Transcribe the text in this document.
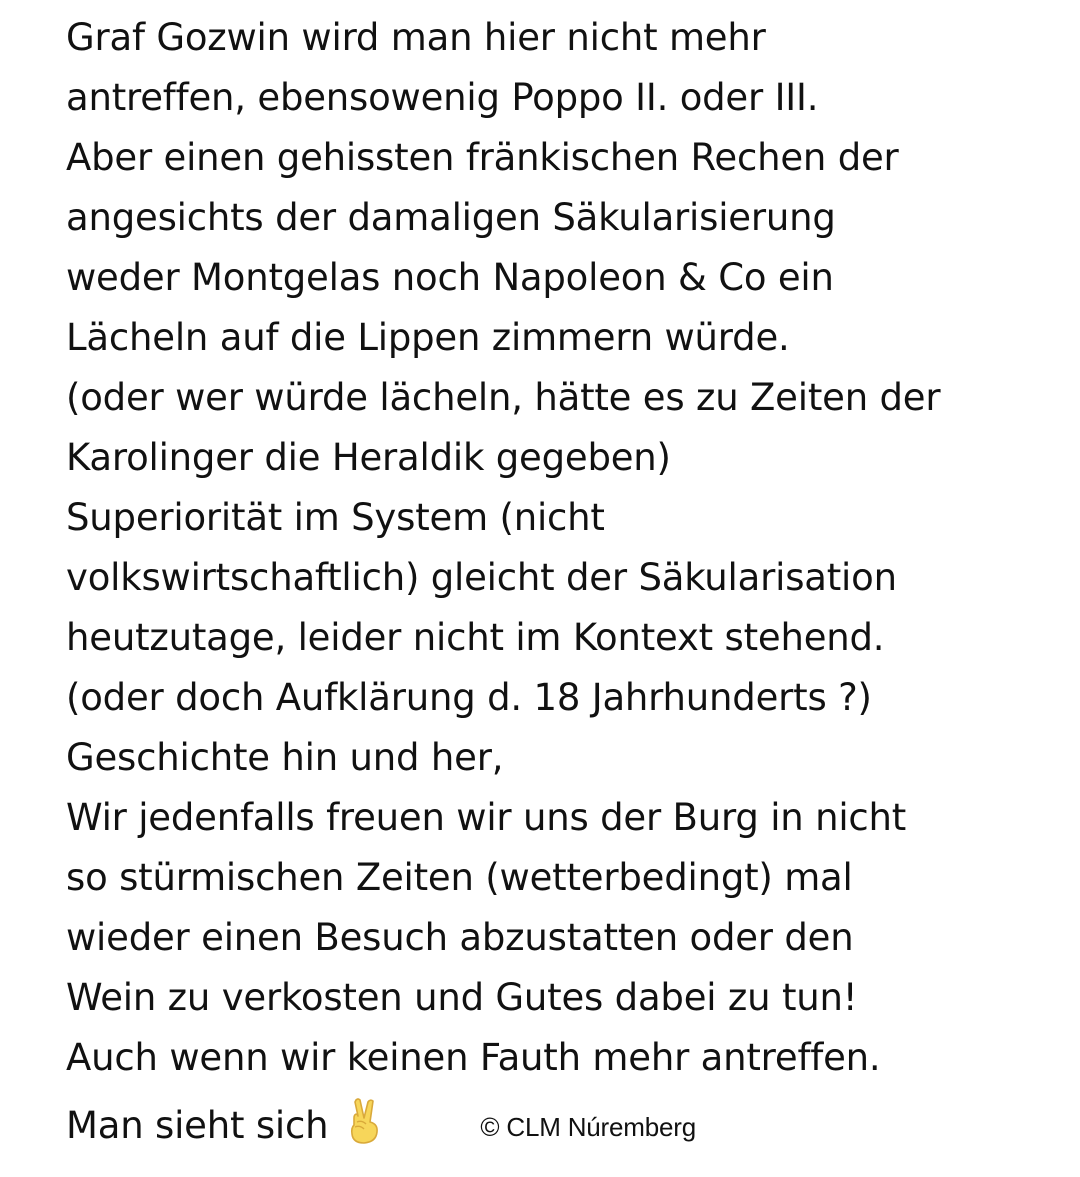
Graf Gozwin wird man hier nicht mehr
antreffen, ebensowenig Poppo II. oder III.
Aber einen gehissten fränkischen Rechen der
angesichts der damaligen Säkularisierung
weder Montgelas noch Napoleon & Co ein
Lächeln auf die Lippen zimmern würde.
(oder wer würde lächeln, hätte es zu Zeiten der
Karolinger die Heraldik gegeben)
Superiorität im System (nicht
volkswirtschaftlich) gleicht der Säkularisation
heutzutage, leider nicht im Kontext stehend.
(oder doch Aufklärung d. 18 Jahrhunderts ?)
Geschichte hin und her,
Wir jedenfalls freuen wir uns der Burg in nicht
so stürmischen Zeiten (wetterbedingt) mal
wieder einen Besuch abzustatten oder den
Wein zu verkosten und Gutes dabei zu tun!
Auch wenn wir keinen Fauth mehr antreffen.
Man sieht sich	© CLM Núremberg
